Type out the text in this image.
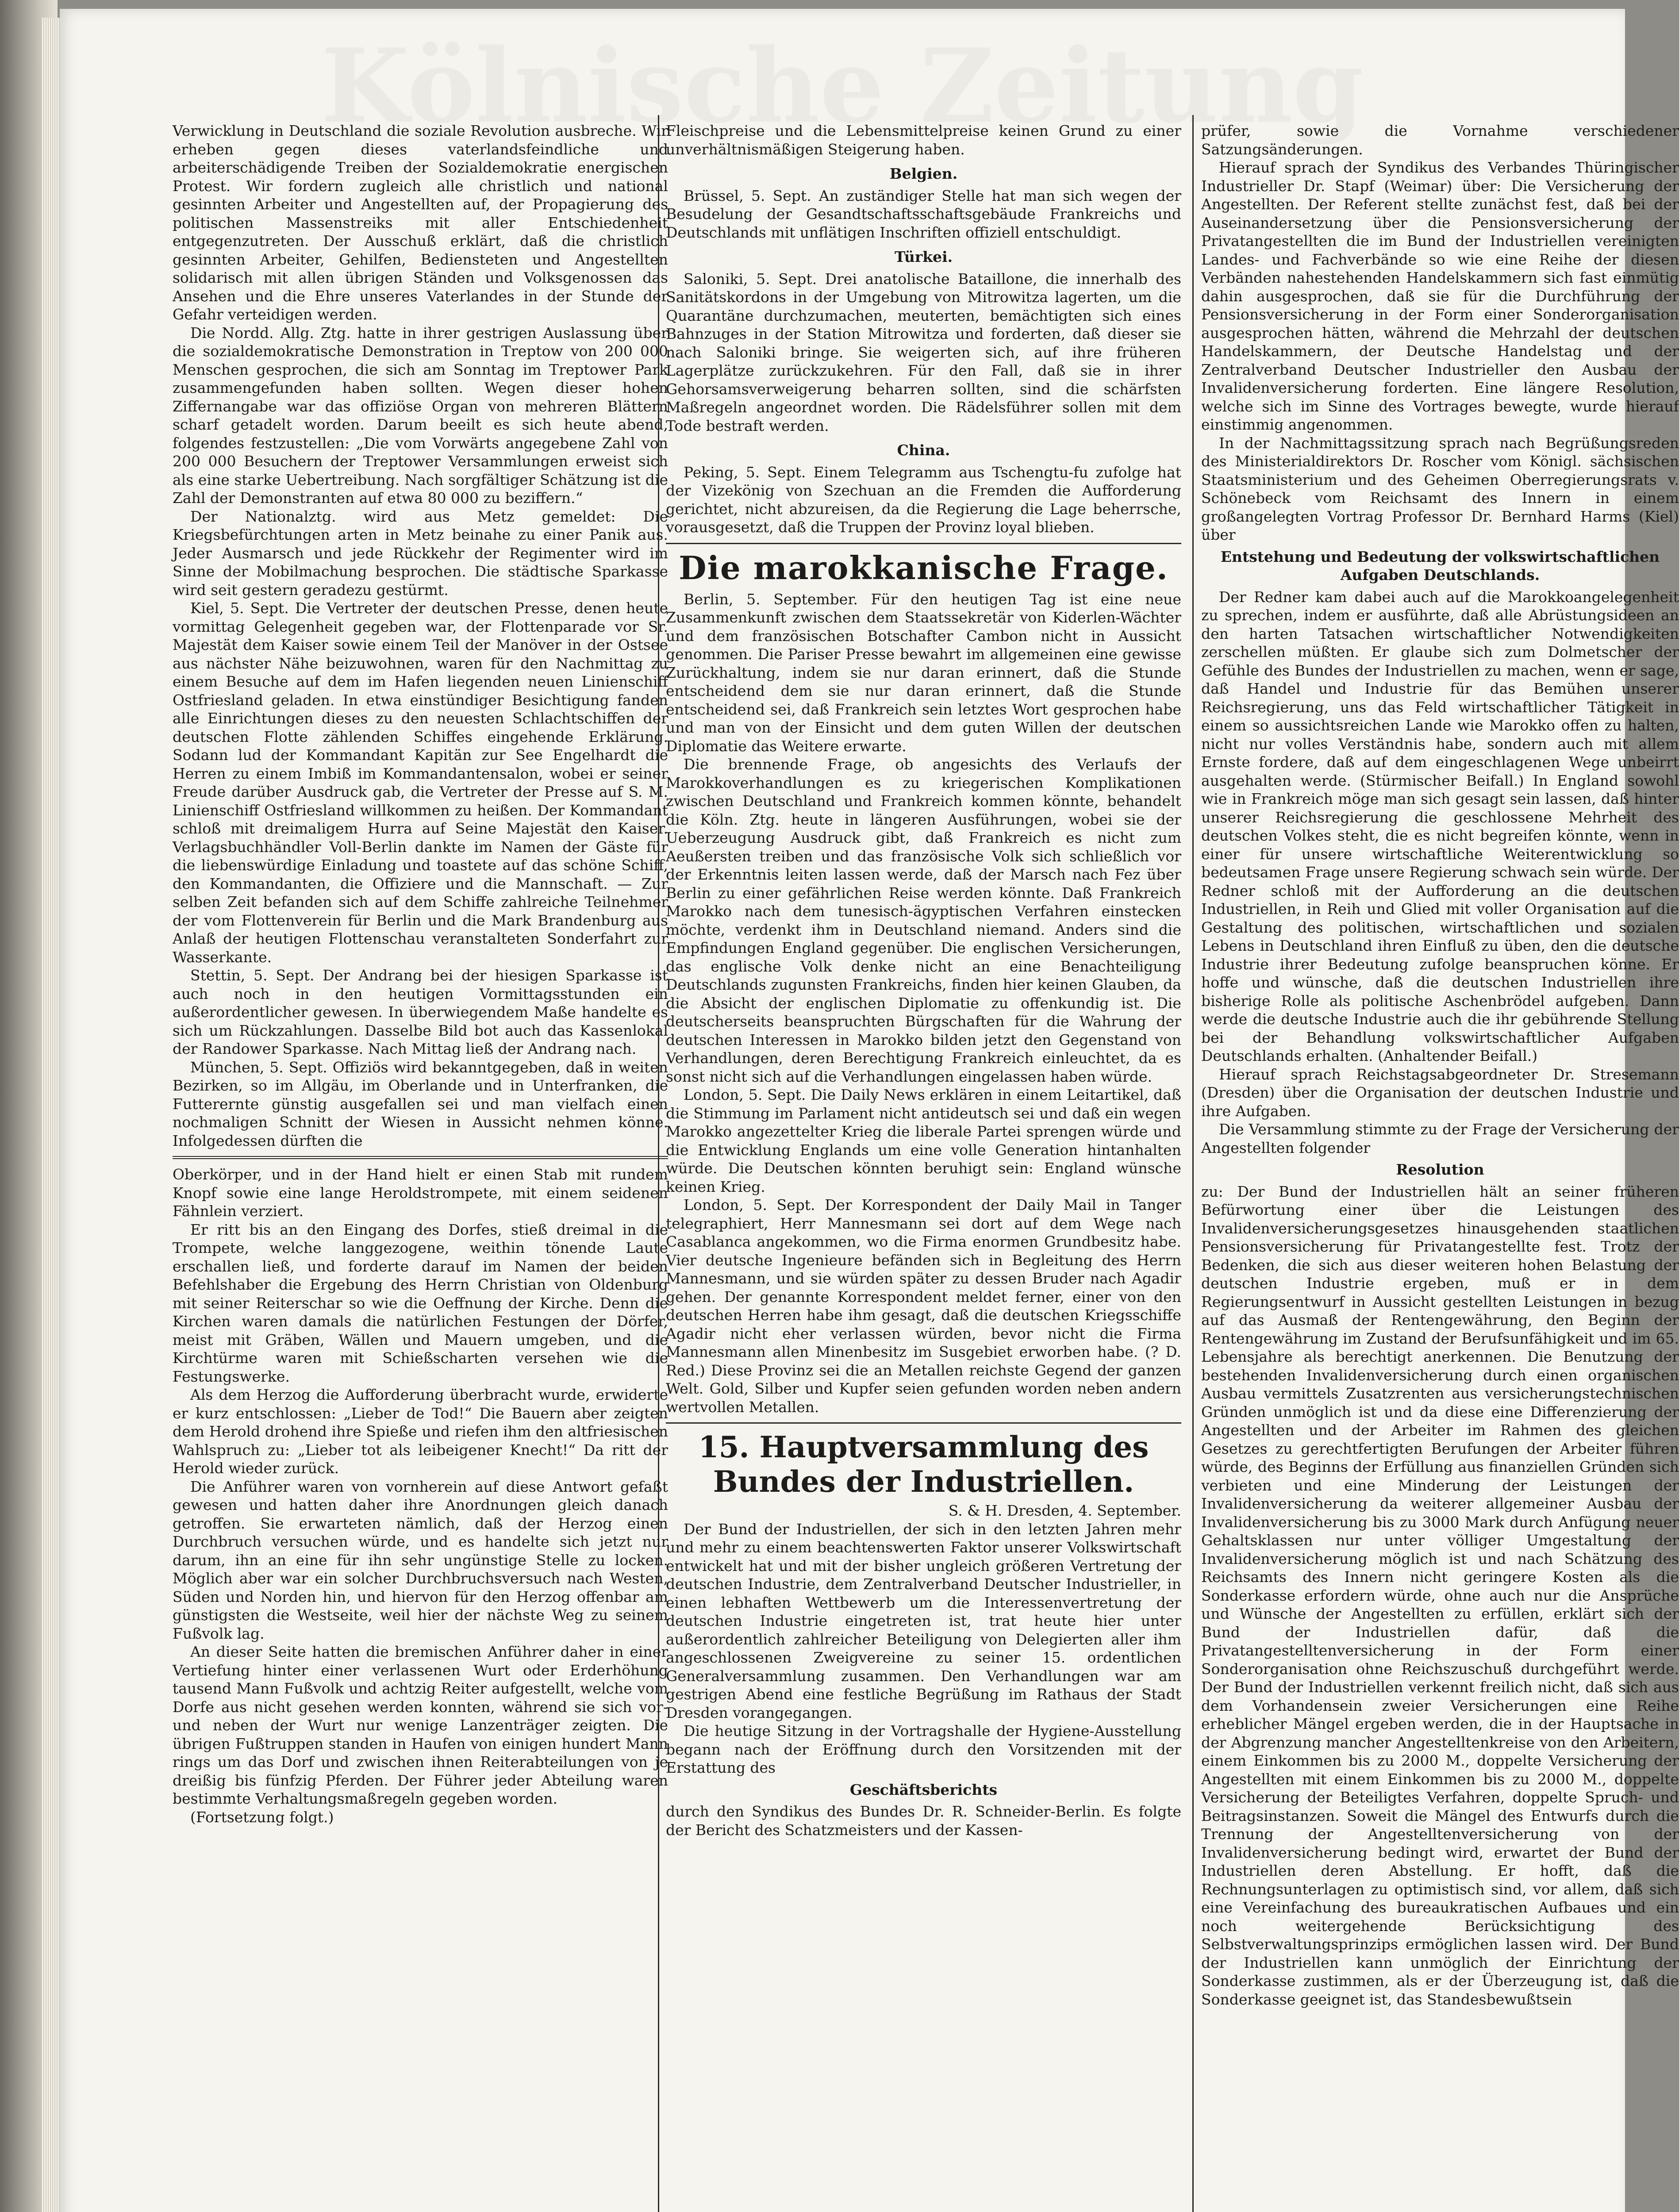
Verwicklung in Deutschland die soziale Revolution ausbreche. Wir erheben gegen dieses vaterlandsfeindliche und arbeiterschädigende Treiben der Sozialdemokratie energischen Protest. Wir fordern zugleich alle christlich und national gesinnten Arbeiter und Angestellten auf, der Propagierung des politischen Massenstreiks mit aller Entschiedenheit entgegenzutreten. Der Ausschuß erklärt, daß die christlich gesinnten Arbeiter, Gehilfen, Bediensteten und Angestellten solidarisch mit allen übrigen Ständen und Volksgenossen das Ansehen und die Ehre unseres Vaterlandes in der Stunde der Gefahr verteidigen werden.

Die Nordd. Allg. Ztg. hatte in ihrer gestrigen Auslassung über die sozialdemokratische Demonstration in Treptow von 200 000 Menschen gesprochen, die sich am Sonntag im Treptower Park zusammengefunden haben sollten. Wegen dieser hohen Ziffernangabe war das offiziöse Organ von mehreren Blättern scharf getadelt worden. Darum beeilt es sich heute abend, folgendes festzustellen: „Die vom Vorwärts angegebene Zahl von 200 000 Besuchern der Treptower Versammlungen erweist sich als eine starke Uebertreibung. Nach sorgfältiger Schätzung ist die Zahl der Demonstranten auf etwa 80 000 zu beziffern.“

Der Nationalztg. wird aus Metz gemeldet: Die Kriegsbefürchtungen arten in Metz beinahe zu einer Panik aus. Jeder Ausmarsch und jede Rückkehr der Regimenter wird im Sinne der Mobilmachung besprochen. Die städtische Sparkasse wird seit gestern geradezu gestürmt.

Kiel, 5. Sept. Die Vertreter der deutschen Presse, denen heute vormittag Gelegenheit gegeben war, der Flottenparade vor Sr. Majestät dem Kaiser sowie einem Teil der Manöver in der Ostsee aus nächster Nähe beizuwohnen, waren für den Nachmittag zu einem Besuche auf dem im Hafen liegenden neuen Linienschiff Ostfriesland geladen. In etwa einstündiger Besichtigung fanden alle Einrichtungen dieses zu den neuesten Schlachtschiffen der deutschen Flotte zählenden Schiffes eingehende Erklärung. Sodann lud der Kommandant Kapitän zur See Engelhardt die Herren zu einem Imbiß im Kommandantensalon, wobei er seiner Freude darüber Ausdruck gab, die Vertreter der Presse auf S. M. Linienschiff Ostfriesland willkommen zu heißen. Der Kommandant schloß mit dreimaligem Hurra auf Seine Majestät den Kaiser. Verlagsbuchhändler Voll-Berlin dankte im Namen der Gäste für die liebenswürdige Einladung und toastete auf das schöne Schiff, den Kommandanten, die Offiziere und die Mannschaft. — Zur selben Zeit befanden sich auf dem Schiffe zahlreiche Teilnehmer der vom Flottenverein für Berlin und die Mark Brandenburg aus Anlaß der heutigen Flottenschau veranstalteten Sonderfahrt zur Wasserkante.

Stettin, 5. Sept. Der Andrang bei der hiesigen Sparkasse ist auch noch in den heutigen Vormittagsstunden ein außerordentlicher gewesen. In überwiegendem Maße handelte es sich um Rückzahlungen. Dasselbe Bild bot auch das Kassenlokal der Randower Sparkasse. Nach Mittag ließ der Andrang nach.

München, 5. Sept. Offiziös wird bekanntgegeben, daß in weiten Bezirken, so im Allgäu, im Oberlande und in Unterfranken, die Futterernte günstig ausgefallen sei und man vielfach einen nochmaligen Schnitt der Wiesen in Aussicht nehmen könne. Infolgedessen dürften die

Oberkörper, und in der Hand hielt er einen Stab mit rundem Knopf sowie eine lange Heroldstrompete, mit einem seidenen Fähnlein verziert.

Er ritt bis an den Eingang des Dorfes, stieß dreimal in die Trompete, welche langgezogene, weithin tönende Laute erschallen ließ, und forderte darauf im Namen der beiden Befehlshaber die Ergebung des Herrn Christian von Oldenburg mit seiner Reiterschar so wie die Oeffnung der Kirche. Denn die Kirchen waren damals die natürlichen Festungen der Dörfer, meist mit Gräben, Wällen und Mauern umgeben, und die Kirchtürme waren mit Schießscharten versehen wie die Festungswerke.

Als dem Herzog die Aufforderung überbracht wurde, erwiderte er kurz entschlossen: „Lieber de Tod!“ Die Bauern aber zeigten dem Herold drohend ihre Spieße und riefen ihm den altfriesischen Wahlspruch zu: „Lieber tot als leibeigener Knecht!“ Da ritt der Herold wieder zurück.

Die Anführer waren von vornherein auf diese Antwort gefaßt gewesen und hatten daher ihre Anordnungen gleich danach getroffen. Sie erwarteten nämlich, daß der Herzog einen Durchbruch versuchen würde, und es handelte sich jetzt nur darum, ihn an eine für ihn sehr ungünstige Stelle zu locken. Möglich aber war ein solcher Durchbruchsversuch nach Westen, Süden und Norden hin, und hiervon für den Herzog offenbar am günstigsten die Westseite, weil hier der nächste Weg zu seinem Fußvolk lag.

An dieser Seite hatten die bremischen Anführer daher in einer Vertiefung hinter einer verlassenen Wurt oder Erderhöhung tausend Mann Fußvolk und achtzig Reiter aufgestellt, welche vom Dorfe aus nicht gesehen werden konnten, während sie sich vor- und neben der Wurt nur wenige Lanzenträger zeigten. Die übrigen Fußtruppen standen in Haufen von einigen hundert Mann rings um das Dorf und zwischen ihnen Reiterabteilungen von je dreißig bis fünfzig Pferden. Der Führer jeder Abteilung waren bestimmte Verhaltungsmaßregeln gegeben worden.

(Fortsetzung folgt.)

Fleischpreise und die Lebensmittelpreise keinen Grund zu einer unverhältnismäßigen Steigerung haben.

Belgien.

Brüssel, 5. Sept. An zuständiger Stelle hat man sich wegen der Besudelung der Gesandtschaftsschaftsgebäude Frankreichs und Deutschlands mit unflätigen Inschriften offiziell entschuldigt.

Türkei.

Saloniki, 5. Sept. Drei anatolische Bataillone, die innerhalb des Sanitätskordons in der Umgebung von Mitrowitza lagerten, um die Quarantäne durchzumachen, meuterten, bemächtigten sich eines Bahnzuges in der Station Mitrowitza und forderten, daß dieser sie nach Saloniki bringe. Sie weigerten sich, auf ihre früheren Lagerplätze zurückzukehren. Für den Fall, daß sie in ihrer Gehorsamsverweigerung beharren sollten, sind die schärfsten Maßregeln angeordnet worden. Die Rädelsführer sollen mit dem Tode bestraft werden.

China.

Peking, 5. Sept. Einem Telegramm aus Tschengtu-fu zufolge hat der Vizekönig von Szechuan an die Fremden die Aufforderung gerichtet, nicht abzureisen, da die Regierung die Lage beherrsche, vorausgesetzt, daß die Truppen der Provinz loyal blieben.

Die marokkanische Frage.

Berlin, 5. September. Für den heutigen Tag ist eine neue Zusammenkunft zwischen dem Staatssekretär von Kiderlen-Wächter und dem französischen Botschafter Cambon nicht in Aussicht genommen. Die Pariser Presse bewahrt im allgemeinen eine gewisse Zurückhaltung, indem sie nur daran erinnert, daß die Stunde entscheidend dem sie nur daran erinnert, daß die Stunde entscheidend sei, daß Frankreich sein letztes Wort gesprochen habe und man von der Einsicht und dem guten Willen der deutschen Diplomatie das Weitere erwarte.

Die brennende Frage, ob angesichts des Verlaufs der Marokkoverhandlungen es zu kriegerischen Komplikationen zwischen Deutschland und Frankreich kommen könnte, behandelt die Köln. Ztg. heute in längeren Ausführungen, wobei sie der Ueberzeugung Ausdruck gibt, daß Frankreich es nicht zum Aeußersten treiben und das französische Volk sich schließlich vor der Erkenntnis leiten lassen werde, daß der Marsch nach Fez über Berlin zu einer gefährlichen Reise werden könnte. Daß Frankreich Marokko nach dem tunesisch-ägyptischen Verfahren einstecken möchte, verdenkt ihm in Deutschland niemand. Anders sind die Empfindungen England gegenüber. Die englischen Versicherungen, das englische Volk denke nicht an eine Benachteiligung Deutschlands zugunsten Frankreichs, finden hier keinen Glauben, da die Absicht der englischen Diplomatie zu offenkundig ist. Die deutscherseits beanspruchten Bürgschaften für die Wahrung der deutschen Interessen in Marokko bilden jetzt den Gegenstand von Verhandlungen, deren Berechtigung Frankreich einleuchtet, da es sonst nicht sich auf die Verhandlungen eingelassen haben würde.

London, 5. Sept. Die Daily News erklären in einem Leitartikel, daß die Stimmung im Parlament nicht antideutsch sei und daß ein wegen Marokko angezettelter Krieg die liberale Partei sprengen würde und die Entwicklung Englands um eine volle Generation hintanhalten würde. Die Deutschen könnten beruhigt sein: England wünsche keinen Krieg.

London, 5. Sept. Der Korrespondent der Daily Mail in Tanger telegraphiert, Herr Mannesmann sei dort auf dem Wege nach Casablanca angekommen, wo die Firma enormen Grundbesitz habe. Vier deutsche Ingenieure befänden sich in Begleitung des Herrn Mannesmann, und sie würden später zu dessen Bruder nach Agadir gehen. Der genannte Korrespondent meldet ferner, einer von den deutschen Herren habe ihm gesagt, daß die deutschen Kriegsschiffe Agadir nicht eher verlassen würden, bevor nicht die Firma Mannesmann allen Minenbesitz im Susgebiet erworben habe. (? D. Red.) Diese Provinz sei die an Metallen reichste Gegend der ganzen Welt. Gold, Silber und Kupfer seien gefunden worden neben andern wertvollen Metallen.

15. Hauptversammlung des Bundes der Industriellen.

S. & H. Dresden, 4. September.

Der Bund der Industriellen, der sich in den letzten Jahren mehr und mehr zu einem beachtenswerten Faktor unserer Volkswirtschaft entwickelt hat und mit der bisher ungleich größeren Vertretung der deutschen Industrie, dem Zentralverband Deutscher Industrieller, in einen lebhaften Wettbewerb um die Interessenvertretung der deutschen Industrie eingetreten ist, trat heute hier unter außerordentlich zahlreicher Beteiligung von Delegierten aller ihm angeschlossenen Zweigvereine zu seiner 15. ordentlichen Generalversammlung zusammen. Den Verhandlungen war am gestrigen Abend eine festliche Begrüßung im Rathaus der Stadt Dresden vorangegangen.

Die heutige Sitzung in der Vortragshalle der Hygiene-Ausstellung begann nach der Eröffnung durch den Vorsitzenden mit der Erstattung des

Geschäftsberichts

durch den Syndikus des Bundes Dr. R. Schneider-Berlin. Es folgte der Bericht des Schatzmeisters und der Kassen-

prüfer, sowie die Vornahme verschiedener Satzungsänderungen.

Hierauf sprach der Syndikus des Verbandes Thüringischer Industrieller Dr. Stapf (Weimar) über: Die Versicherung der Angestellten. Der Referent stellte zunächst fest, daß bei der Auseinandersetzung über die Pensionsversicherung der Privatangestellten die im Bund der Industriellen vereinigten Landes- und Fachverbände so wie eine Reihe der diesen Verbänden nahestehenden Handelskammern sich fast einmütig dahin ausgesprochen, daß sie für die Durchführung der Pensionsversicherung in der Form einer Sonderorganisation ausgesprochen hätten, während die Mehrzahl der deutschen Handelskammern, der Deutsche Handelstag und der Zentralverband Deutscher Industrieller den Ausbau der Invalidenversicherung forderten. Eine längere Resolution, welche sich im Sinne des Vortrages bewegte, wurde hierauf einstimmig angenommen.

In der Nachmittagssitzung sprach nach Begrüßungsreden des Ministerialdirektors Dr. Roscher vom Königl. sächsischen Staatsministerium und des Geheimen Oberregierungsrats v. Schönebeck vom Reichsamt des Innern in einem großangelegten Vortrag Professor Dr. Bernhard Harms (Kiel) über

Entstehung und Bedeutung der volkswirtschaftlichen Aufgaben Deutschlands.

Der Redner kam dabei auch auf die Marokkoangelegenheit zu sprechen, indem er ausführte, daß alle Abrüstungsideen an den harten Tatsachen wirtschaftlicher Notwendigkeiten zerschellen müßten. Er glaube sich zum Dolmetscher der Gefühle des Bundes der Industriellen zu machen, wenn er sage, daß Handel und Industrie für das Bemühen unserer Reichsregierung, uns das Feld wirtschaftlicher Tätigkeit in einem so aussichtsreichen Lande wie Marokko offen zu halten, nicht nur volles Verständnis habe, sondern auch mit allem Ernste fordere, daß auf dem eingeschlagenen Wege unbeirrt ausgehalten werde. (Stürmischer Beifall.) In England sowohl wie in Frankreich möge man sich gesagt sein lassen, daß hinter unserer Reichsregierung die geschlossene Mehrheit des deutschen Volkes steht, die es nicht begreifen könnte, wenn in einer für unsere wirtschaftliche Weiterentwicklung so bedeutsamen Frage unsere Regierung schwach sein würde. Der Redner schloß mit der Aufforderung an die deutschen Industriellen, in Reih und Glied mit voller Organisation auf die Gestaltung des politischen, wirtschaftlichen und sozialen Lebens in Deutschland ihren Einfluß zu üben, den die deutsche Industrie ihrer Bedeutung zufolge beanspruchen könne. Er hoffe und wünsche, daß die deutschen Industriellen ihre bisherige Rolle als politische Aschenbrödel aufgeben. Dann werde die deutsche Industrie auch die ihr gebührende Stellung bei der Behandlung volkswirtschaftlicher Aufgaben Deutschlands erhalten. (Anhaltender Beifall.)

Hierauf sprach Reichstagsabgeordneter Dr. Stresemann (Dresden) über die Organisation der deutschen Industrie und ihre Aufgaben.

Die Versammlung stimmte zu der Frage der Versicherung der Angestellten folgender

Resolution

zu: Der Bund der Industriellen hält an seiner früheren Befürwortung einer über die Leistungen des Invalidenversicherungsgesetzes hinausgehenden staatlichen Pensionsversicherung für Privatangestellte fest. Trotz der Bedenken, die sich aus dieser weiteren hohen Belastung der deutschen Industrie ergeben, muß er in dem Regierungsentwurf in Aussicht gestellten Leistungen in bezug auf das Ausmaß der Rentengewährung, den Beginn der Rentengewährung im Zustand der Berufsunfähigkeit und im 65. Lebensjahre als berechtigt anerkennen. Die Benutzung der bestehenden Invalidenversicherung durch einen organischen Ausbau vermittels Zusatzrenten aus versicherungstechnischen Gründen unmöglich ist und da diese eine Differenzierung der Angestellten und der Arbeiter im Rahmen des gleichen Gesetzes zu gerechtfertigten Berufungen der Arbeiter führen würde, des Beginns der Erfüllung aus finanziellen Gründen sich verbieten und eine Minderung der Leistungen der Invalidenversicherung da weiterer allgemeiner Ausbau der Invalidenversicherung bis zu 3000 Mark durch Anfügung neuer Gehaltsklassen nur unter völliger Umgestaltung der Invalidenversicherung möglich ist und nach Schätzung des Reichsamts des Innern nicht geringere Kosten als die Sonderkasse erfordern würde, ohne auch nur die Ansprüche und Wünsche der Angestellten zu erfüllen, erklärt sich der Bund der Industriellen dafür, daß die Privatangestelltenversicherung in der Form einer Sonderorganisation ohne Reichszuschuß durchgeführt werde. Der Bund der Industriellen verkennt freilich nicht, daß sich aus dem Vorhandensein zweier Versicherungen eine Reihe erheblicher Mängel ergeben werden, die in der Hauptsache in der Abgrenzung mancher Angestelltenkreise von den Arbeitern, einem Einkommen bis zu 2000 M., doppelte Versicherung der Angestellten mit einem Einkommen bis zu 2000 M., doppelte Versicherung der Beteiligtes Verfahren, doppelte Spruch- und Beitragsinstanzen. Soweit die Mängel des Entwurfs durch die Trennung der Angestelltenversicherung von der Invalidenversicherung bedingt wird, erwartet der Bund der Industriellen deren Abstellung. Er hofft, daß die Rechnungsunterlagen zu optimistisch sind, vor allem, daß sich eine Vereinfachung des bureaukratischen Aufbaues und ein noch weitergehende Berücksichtigung des Selbstverwaltungsprinzips ermöglichen lassen wird. Der Bund der Industriellen kann unmöglich der Einrichtung der Sonderkasse zustimmen, als er der Überzeugung ist, daß die Sonderkasse geeignet ist, das Standesbewußtsein
